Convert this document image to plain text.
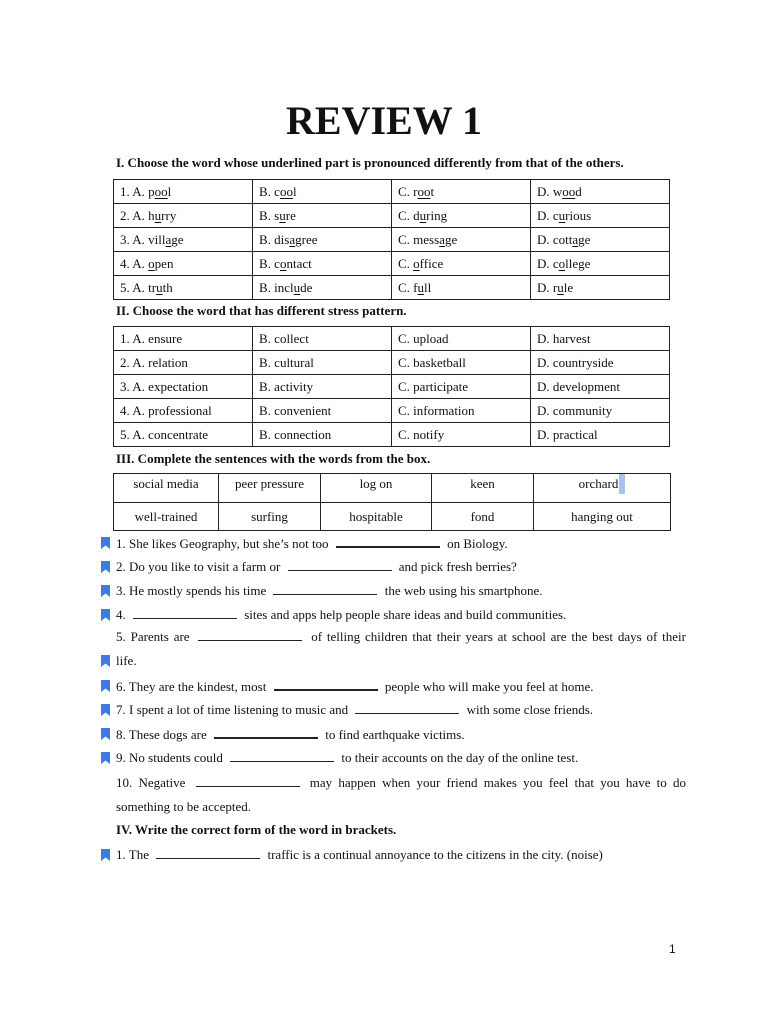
REVIEW 1

I. Choose the word whose underlined part is pronounced differently from that of the others.

1. A. pool	B. cool	C. root	D. wood
2. A. hurry	B. sure	C. during	D. curious
3. A. village	B. disagree	C. message	D. cottage
4. A. open	B. contact	C. office	D. college
5. A. truth	B. include	C. full	D. rule

II. Choose the word that has different stress pattern.

1. A. ensure	B. collect	C. upload	D. harvest
2. A. relation	B. cultural	C. basketball	D. countryside
3. A. expectation	B. activity	C. participate	D. development
4. A. professional	B. convenient	C. information	D. community
5. A. concentrate	B. connection	C. notify	D. practical

III. Complete the sentences with the words from the box.

social media	peer pressure	log on	keen	orchard
well-trained	surfing	hospitable	fond	hanging out

1. She likes Geography, but she’s not too	on Biology.

2. Do you like to visit a farm or	and pick fresh berries?

3. He mostly spends his time	the web using his smartphone.

4.	sites and apps help people share ideas and build communities.

5. Parents are	of telling children that their years at school are the best days of their

life.

6. They are the kindest, most	people who will make you feel at home.

7. I spent a lot of time listening to music and	with some close friends.

8. These dogs are	to find earthquake victims.

9. No students could	to their accounts on the day of the online test.

10. Negative	may happen when your friend makes you feel that you have to do

something to be accepted.

IV. Write the correct form of the word in brackets.

1. The	traffic is a continual annoyance to the citizens in the city. (noise)

1
